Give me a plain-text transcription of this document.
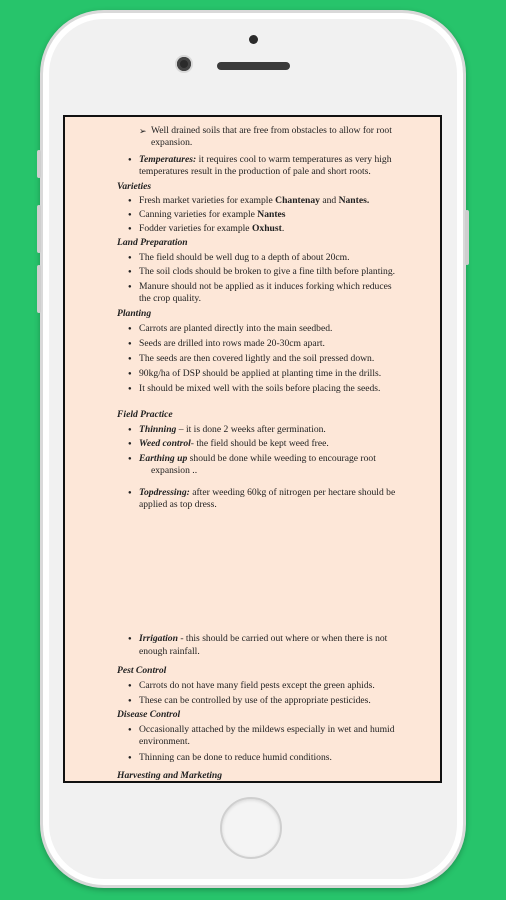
➢ Well drained soils that are free from obstacles to allow for root
expansion.
● Temperatures: it requires cool to warm temperatures as very high
temperatures result in the production of pale and short roots.
Varieties
● Fresh market varieties for example Chantenay and Nantes.
● Canning varieties for example Nantes
● Fodder varieties for example Oxhust.
Land Preparation
● The field should be well dug to a depth of about 20cm.
● The soil clods should be broken to give a fine tilth before planting.
● Manure should not be applied as it induces forking which reduces
the crop quality.
Planting
● Carrots are planted directly into the main seedbed.
● Seeds are drilled into rows made 20-30cm apart.
● The seeds are then covered lightly and the soil pressed down.
● 90kg/ha of DSP should be applied at planting time in the drills.
● It should be mixed well with the soils before placing the seeds.
Field Practice
● Thinning – it is done 2 weeks after germination.
● Weed control- the field should be kept weed free.
● Earthing up should be done while weeding to encourage root
expansion ..
● Topdressing: after weeding 60kg of nitrogen per hectare should be
applied as top dress.
● Irrigation - this should be carried out where or when there is not
enough rainfall.
Pest Control
● Carrots do not have many field pests except the green aphids.
● These can be controlled by use of the appropriate pesticides.
Disease Control
● Occasionally attached by the mildews especially in wet and humid
environment.
● Thinning can be done to reduce humid conditions.
Harvesting and Marketing
